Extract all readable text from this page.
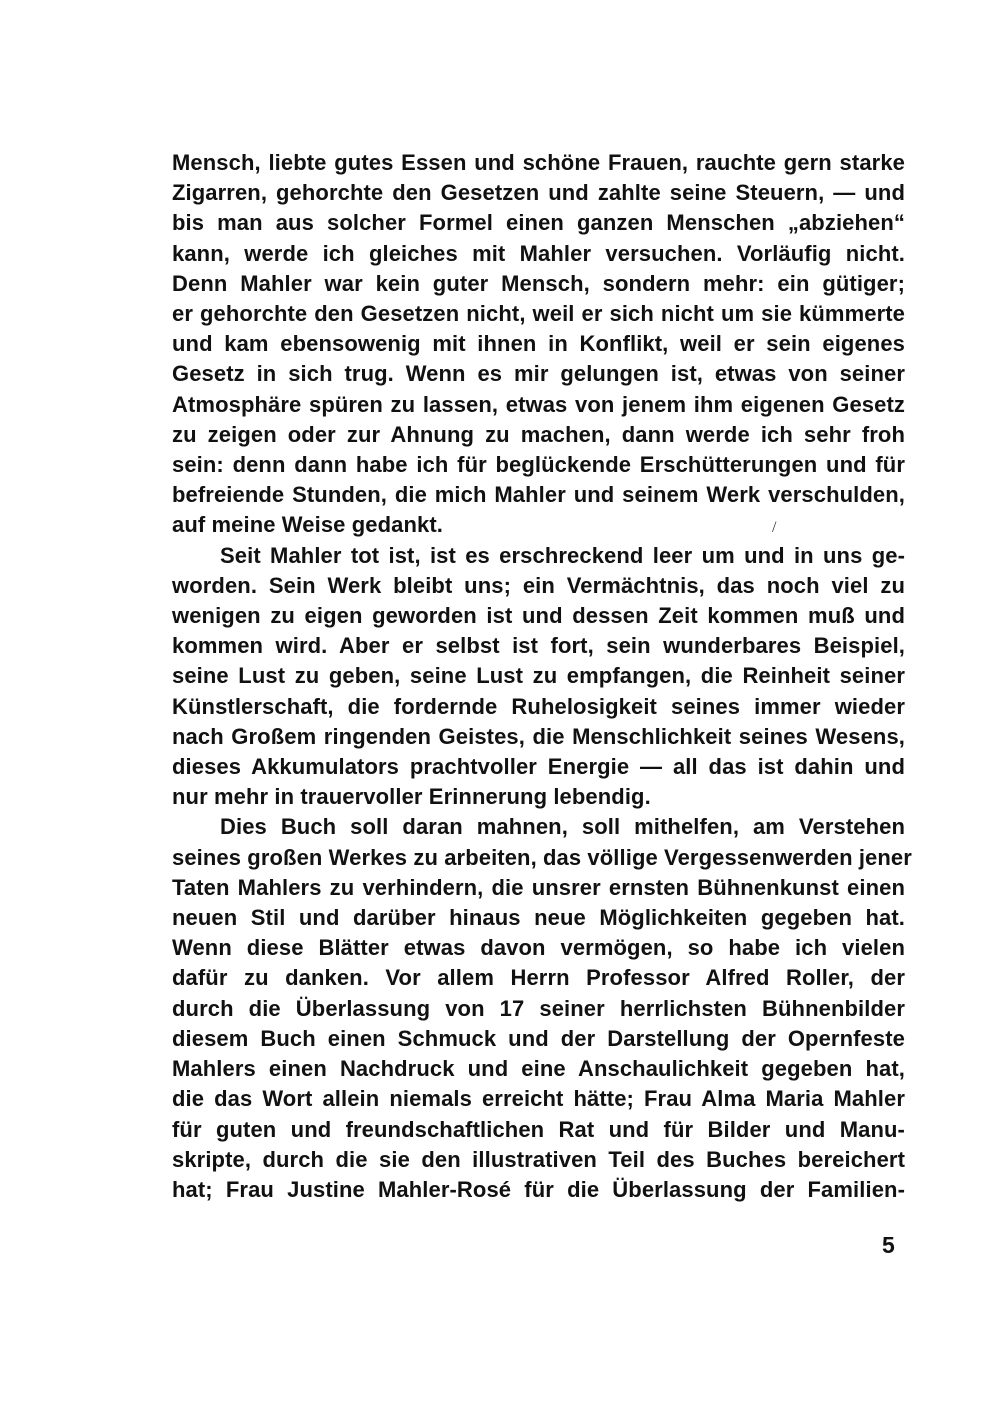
Mensch, liebte gutes Essen und schöne Frauen, rauchte gern starke
Zigarren, gehorchte den Gesetzen und zahlte seine Steuern, — und
bis man aus solcher Formel einen ganzen Menschen „abziehen“
kann, werde ich gleiches mit Mahler versuchen. Vorläufig nicht.
Denn Mahler war kein guter Mensch, sondern mehr: ein gütiger;
er gehorchte den Gesetzen nicht, weil er sich nicht um sie kümmerte
und kam ebensowenig mit ihnen in Konflikt, weil er sein eigenes
Gesetz in sich trug. Wenn es mir gelungen ist, etwas von seiner
Atmosphäre spüren zu lassen, etwas von jenem ihm eigenen Gesetz
zu zeigen oder zur Ahnung zu machen, dann werde ich sehr froh
sein: denn dann habe ich für beglückende Erschütterungen und für
befreiende Stunden, die mich Mahler und seinem Werk verschulden,
auf meine Weise gedankt.

Seit Mahler tot ist, ist es erschreckend leer um und in uns ge-
worden. Sein Werk bleibt uns; ein Vermächtnis, das noch viel zu
wenigen zu eigen geworden ist und dessen Zeit kommen muß und
kommen wird. Aber er selbst ist fort, sein wunderbares Beispiel,
seine Lust zu geben, seine Lust zu empfangen, die Reinheit seiner
Künstlerschaft, die fordernde Ruhelosigkeit seines immer wieder
nach Großem ringenden Geistes, die Menschlichkeit seines Wesens,
dieses Akkumulators prachtvoller Energie — all das ist dahin und
nur mehr in trauervoller Erinnerung lebendig.

Dies Buch soll daran mahnen, soll mithelfen, am Verstehen
seines großen Werkes zu arbeiten, das völlige Vergessenwerden jener
Taten Mahlers zu verhindern, die unsrer ernsten Bühnenkunst einen
neuen Stil und darüber hinaus neue Möglichkeiten gegeben hat.
Wenn diese Blätter etwas davon vermögen, so habe ich vielen
dafür zu danken. Vor allem Herrn Professor Alfred Roller, der
durch die Überlassung von 17 seiner herrlichsten Bühnenbilder
diesem Buch einen Schmuck und der Darstellung der Opernfeste
Mahlers einen Nachdruck und eine Anschaulichkeit gegeben hat,
die das Wort allein niemals erreicht hätte; Frau Alma Maria Mahler
für guten und freundschaftlichen Rat und für Bilder und Manu-
skripte, durch die sie den illustrativen Teil des Buches bereichert
hat; Frau Justine Mahler-Rosé für die Überlassung der Familien-

/
5
